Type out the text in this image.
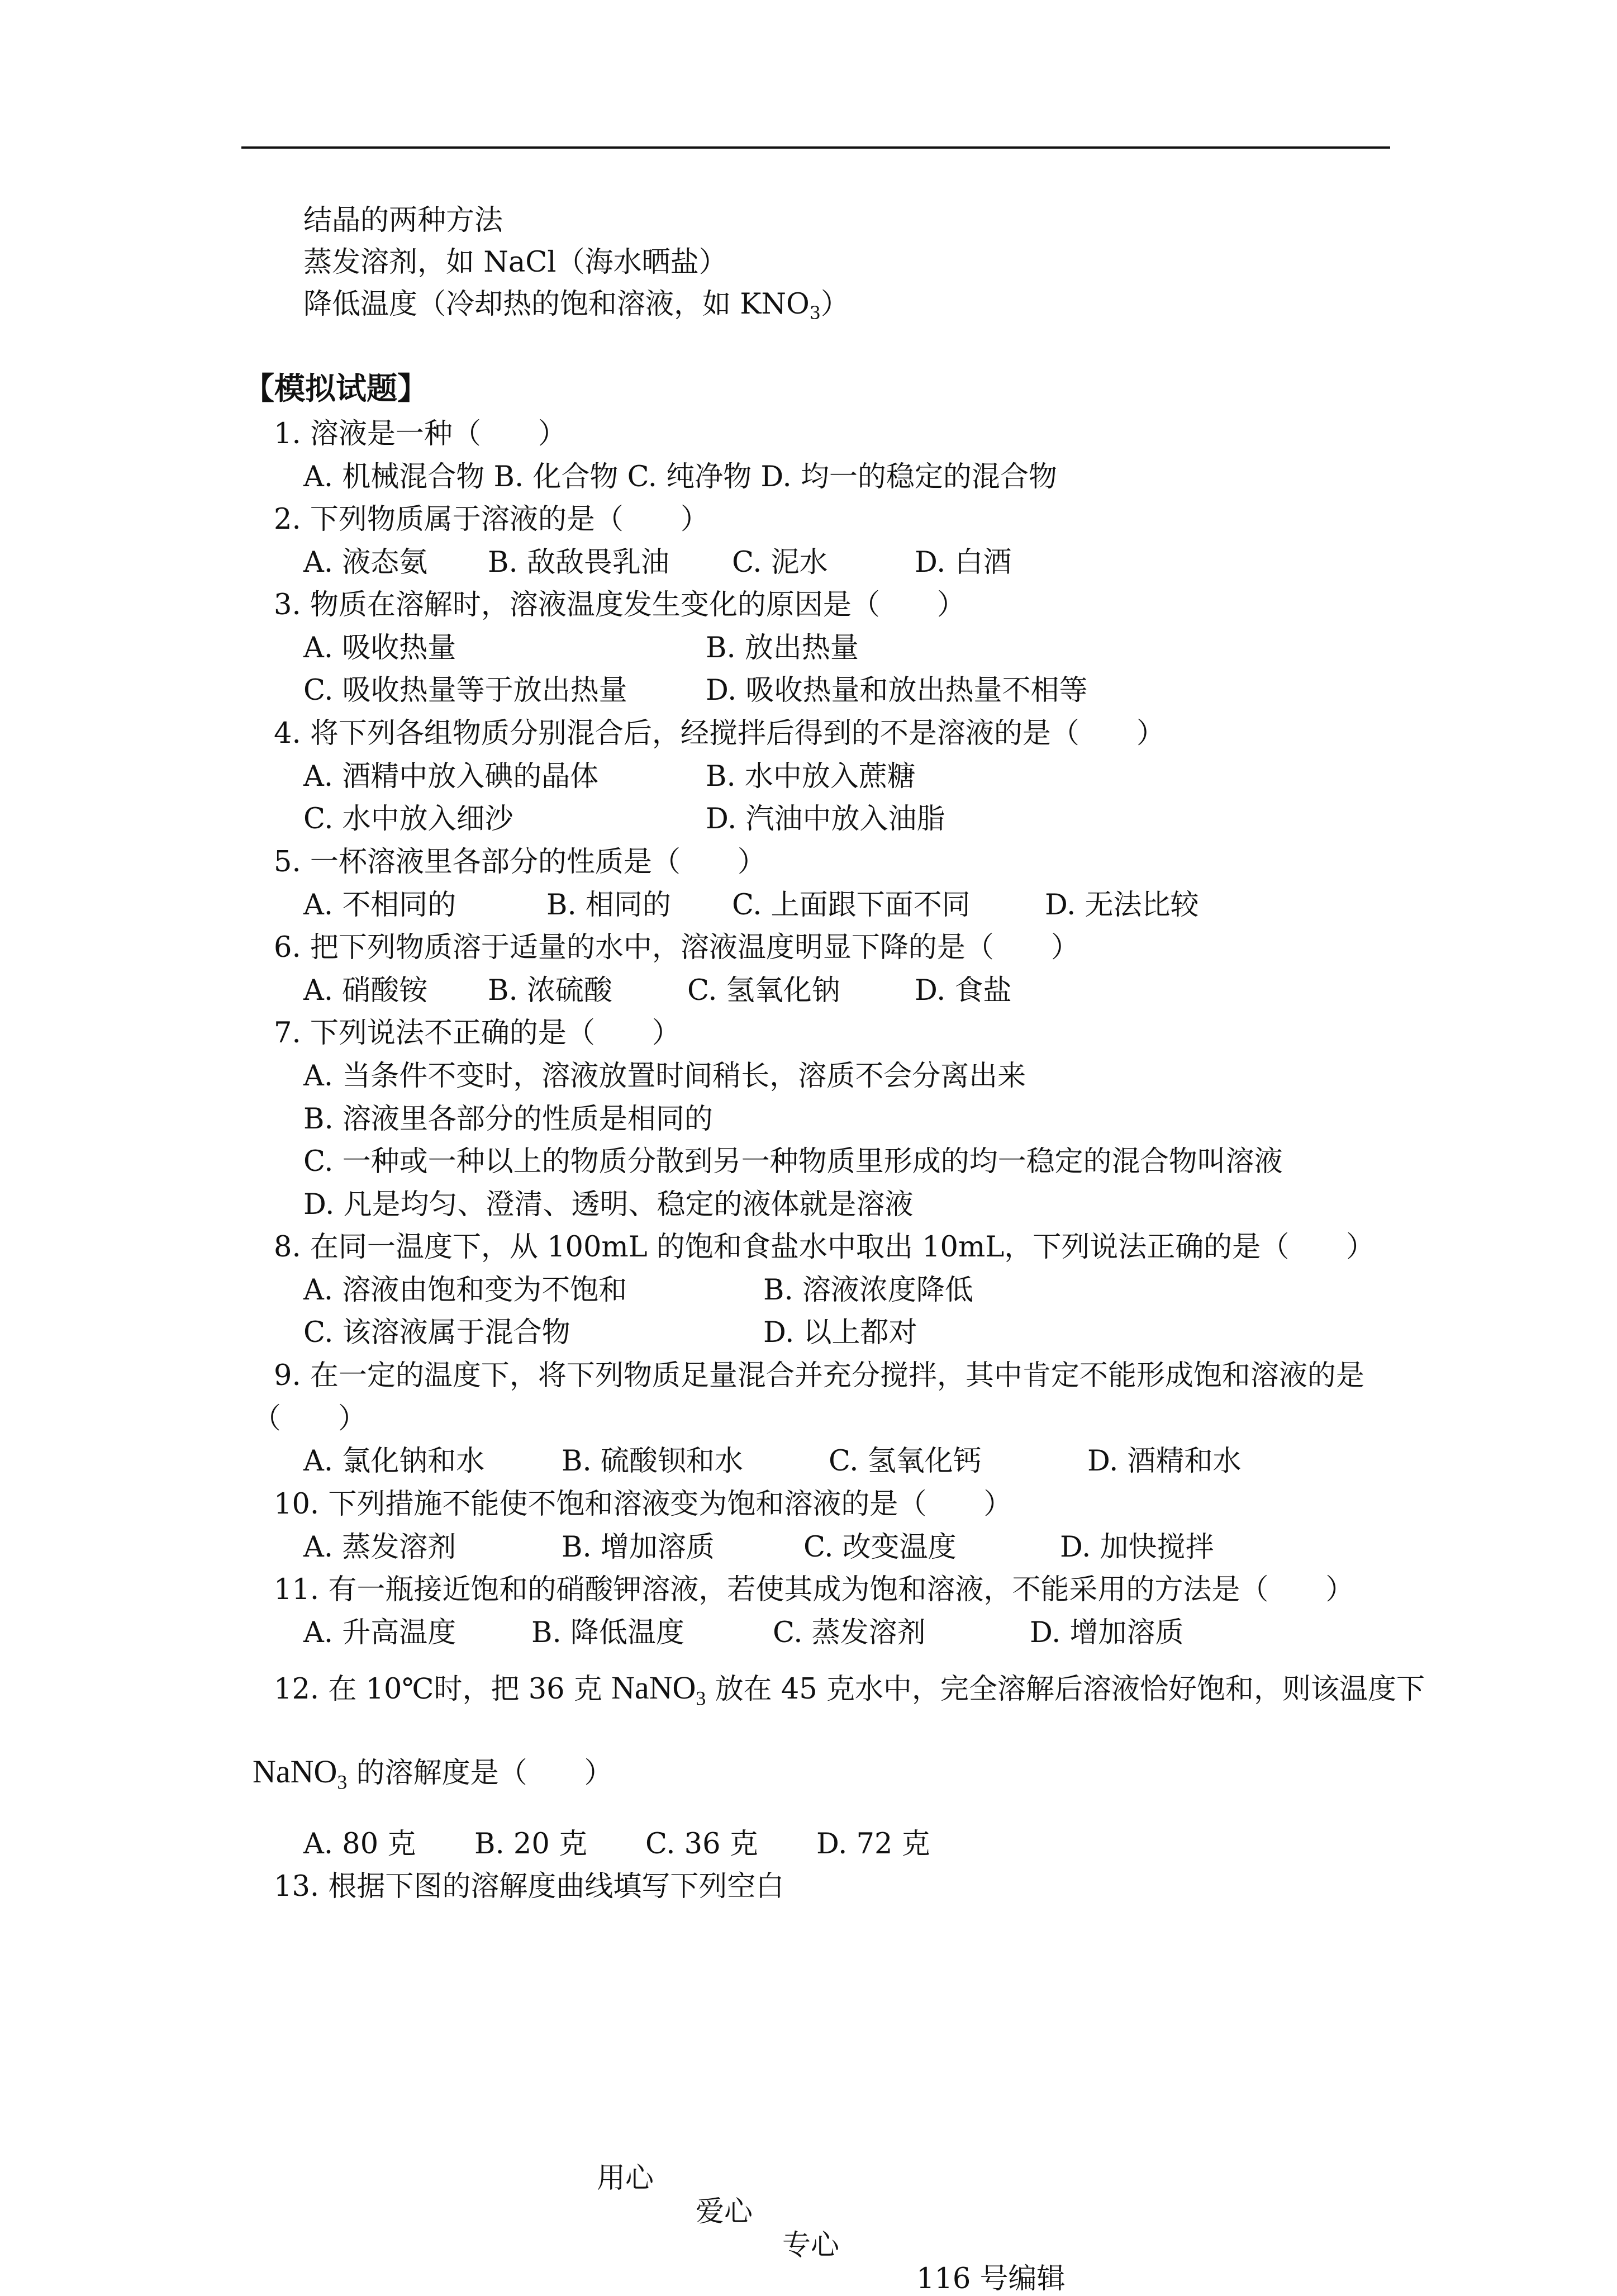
结晶的两种方法
蒸发溶剂，如 NaCl（海水晒盐）
降低温度（冷却热的饱和溶液，如 $KNO_3$）
【模拟试题】
1. 溶液是一种（　　）
A. 机械混合物 B. 化合物 C. 纯净物 D. 均一的稳定的混合物
2. 下列物质属于溶液的是（　　）
A. 液态氨 B. 敌敌畏乳油 C. 泥水	D. 白酒
3. 物质在溶解时，溶液温度发生变化的原因是（　　）
A. 吸收热量	B. 放出热量
C. 吸收热量等于放出热量	D. 吸收热量和放出热量不相等
4. 将下列各组物质分别混合后，经搅拌后得到的不是溶液的是（　　）
A. 酒精中放入碘的晶体	B. 水中放入蔗糖
C. 水中放入细沙	D. 汽油中放入油脂
5. 一杯溶液里各部分的性质是（　　）
A. 不相同的	B. 相同的 C. 上面跟下面不同	D. 无法比较
6. 把下列物质溶于适量的水中，溶液温度明显下降的是（　　）
A. 硝酸铵 B. 浓硫酸	C. 氢氧化钠	D. 食盐
7. 下列说法不正确的是（　　）
A. 当条件不变时，溶液放置时间稍长，溶质不会分离出来
B. 溶液里各部分的性质是相同的
C. 一种或一种以上的物质分散到另一种物质里形成的均一稳定的混合物叫溶液
D. 凡是均匀、澄清、透明、稳定的液体就是溶液
8. 在同一温度下，从 100mL 的饱和食盐水中取出 10mL，下列说法正确的是（　　）
A. 溶液由饱和变为不饱和	B. 溶液浓度降低
C. 该溶液属于混合物	D. 以上都对
9. 在一定的温度下，将下列物质足量混合并充分搅拌，其中肯定不能形成饱和溶液的是
（　　）
A. 氯化钠和水	B. 硫酸钡和水	C. 氢氧化钙	D. 酒精和水
10. 下列措施不能使不饱和溶液变为饱和溶液的是（　　）
A. 蒸发溶剂	B. 增加溶质	C. 改变温度	D. 加快搅拌
11. 有一瓶接近饱和的硝酸钾溶液，若使其成为饱和溶液，不能采用的方法是（　　）
A. 升高温度	B. 降低温度	C. 蒸发溶剂	D. 增加溶质
12. 在 10℃时，把 36 克 NaNO$_3$ 放在 45 克水中，完全溶解后溶液恰好饱和，则该温度下
NaNO$_3$ 的溶解度是（　　）
A. 80 克 B. 20 克 C. 36 克 D. 72 克
13. 根据下图的溶解度曲线填写下列空白

用心

爱心

专心

116 号编辑
